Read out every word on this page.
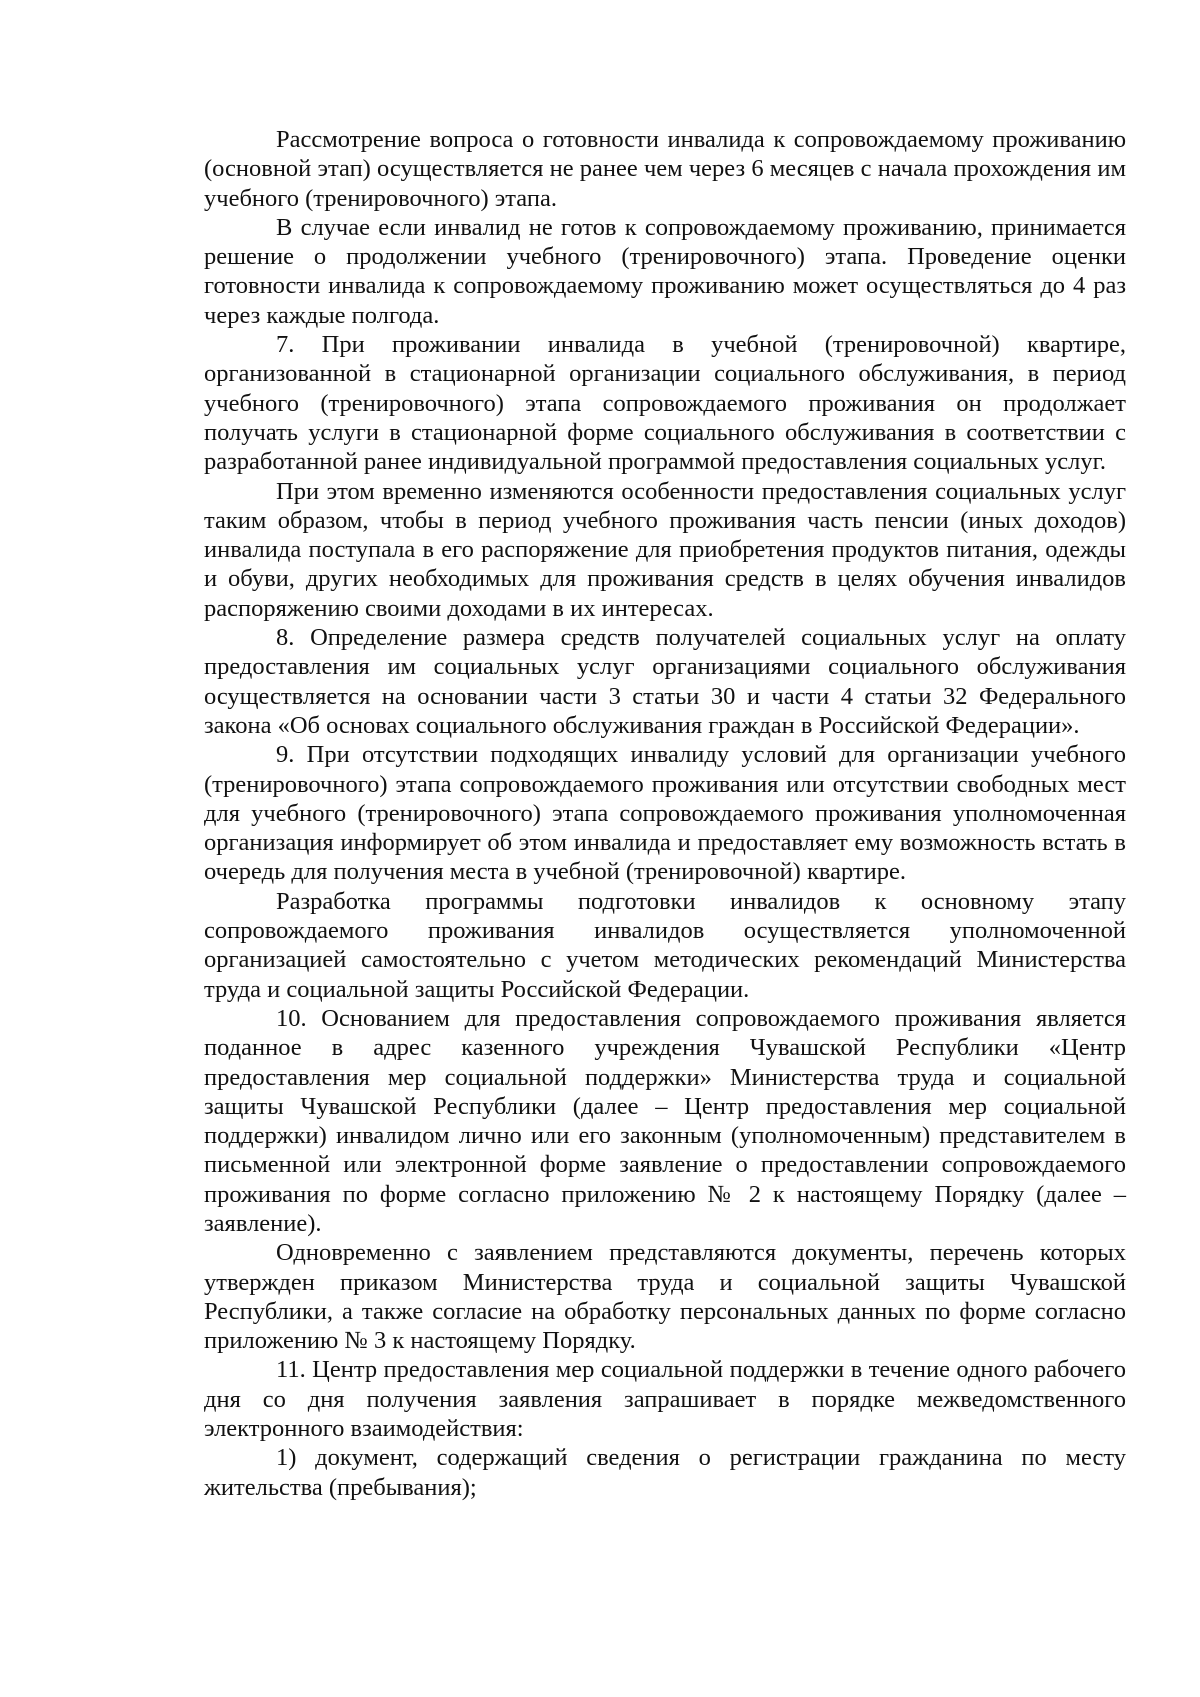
Рассмотрение вопроса о готовности инвалида к сопровождаемому проживанию (основной этап) осуществляется не ранее чем через 6 месяцев с начала прохождения им учебного (тренировочного) этапа.

В случае если инвалид не готов к сопровождаемому проживанию, принимается решение о продолжении учебного (тренировочного) этапа. Проведение оценки готовности инвалида к сопровождаемому проживанию может осуществляться до 4 раз через каждые полгода.

7. При проживании инвалида в учебной (тренировочной) квартире, организованной в стационарной организации социального обслуживания, в период учебного (тренировочного) этапа сопровождаемого проживания он продолжает получать услуги в стационарной форме социального обслуживания в соответствии с разработанной ранее индивидуальной программой предоставления социальных услуг.

При этом временно изменяются особенности предоставления социальных услуг таким образом, чтобы в период учебного проживания часть пенсии (иных доходов) инвалида поступала в его распоряжение для приобретения продуктов питания, одежды и обуви, других необходимых для проживания средств в целях обучения инвалидов распоряжению своими доходами в их интересах.

8. Определение размера средств получателей социальных услуг на оплату предоставления им социальных услуг организациями социального обслуживания осуществляется на основании части 3 статьи 30 и части 4 статьи 32 Федерального закона «Об основах социального обслуживания граждан в Российской Федерации».

9. При отсутствии подходящих инвалиду условий для организации учебного (тренировочного) этапа сопровождаемого проживания или отсутствии свободных мест для учебного (тренировочного) этапа сопровождаемого проживания уполномоченная организация информирует об этом инвалида и предоставляет ему возможность встать в очередь для получения места в учебной (тренировочной) квартире.

Разработка программы подготовки инвалидов к основному этапу сопровождаемого проживания инвалидов осуществляется уполномоченной организацией самостоятельно с учетом методических рекомендаций Министерства труда и социальной защиты Российской Федерации.

10. Основанием для предоставления сопровождаемого проживания является поданное в адрес казенного учреждения Чувашской Республики «Центр предоставления мер социальной поддержки» Министерства труда и социальной защиты Чувашской Республики (далее – Центр предоставления мер социальной поддержки) инвалидом лично или его законным (уполномоченным) представителем в письменной или электронной форме заявление о предоставлении сопровождаемого проживания по форме согласно приложению № 2 к настоящему Порядку (далее – заявление).

Одновременно с заявлением представляются документы, перечень которых утвержден приказом Министерства труда и социальной защиты Чувашской Республики, а также согласие на обработку персональных данных по форме согласно приложению № 3 к настоящему Порядку.

11. Центр предоставления мер социальной поддержки в течение одного рабочего дня со дня получения заявления запрашивает в порядке межведомственного электронного взаимодействия:

1) документ, содержащий сведения о регистрации гражданина по месту жительства (пребывания);
